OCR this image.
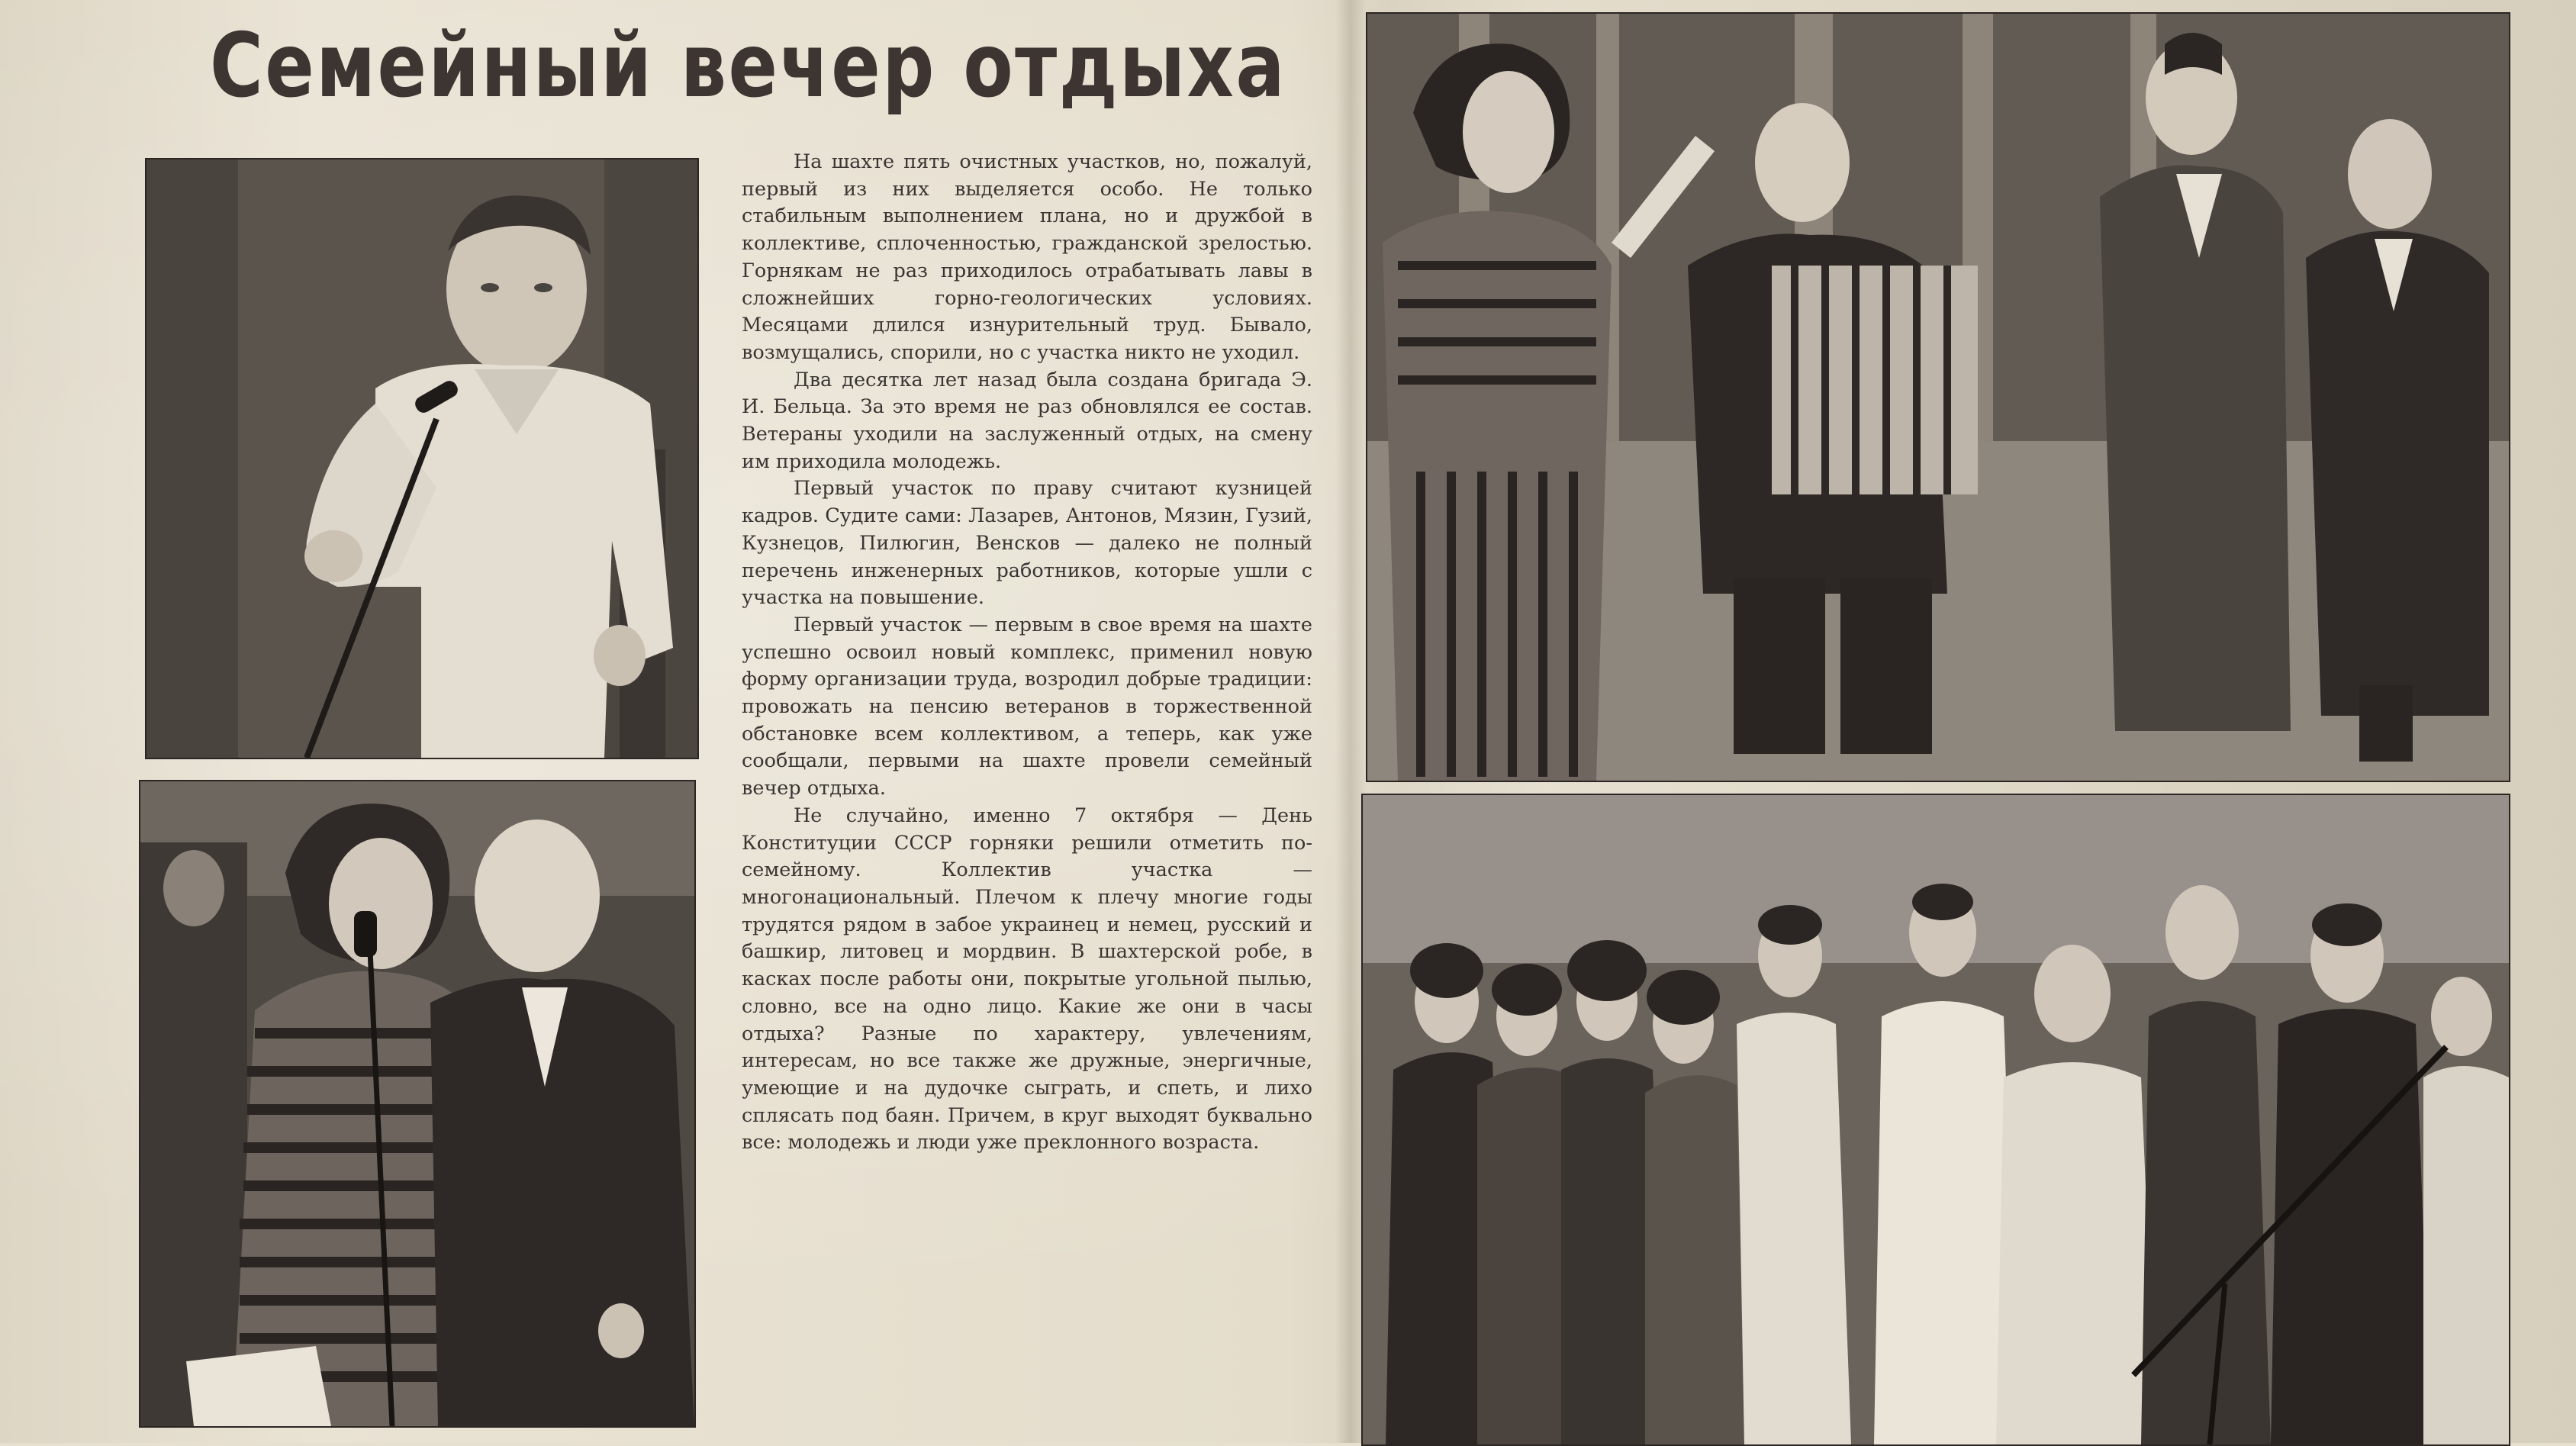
Семейный вечер отдыха

На шахте пять очистных участков, но, пожалуй, первый из них выделяется особо. Не только стабильным выполнением плана, но и дружбой в коллективе, сплоченностью, гражданской зрелостью. Горнякам не раз приходилось отрабатывать лавы в сложнейших горно-геологических условиях. Месяцами длился изнурительный труд. Бывало, возмущались, спорили, но с участка никто не уходил.

Два десятка лет назад была создана бригада Э. И. Бельца. За это время не раз обновлялся ее состав. Ветераны уходили на заслуженный отдых, на смену им приходила молодежь.

Первый участок по праву считают кузницей кадров. Судите сами: Лазарев, Антонов, Мязин, Гузий, Кузнецов, Пилюгин, Венсков — далеко не полный перечень инженерных работников, которые ушли с участка на повышение.

Первый участок — первым в свое время на шахте успешно освоил новый комплекс, применил новую форму организации труда, возродил добрые традиции: провожать на пенсию ветеранов в торжественной обстановке всем коллективом, а теперь, как уже сообщали, первыми на шахте провели семейный вечер отдыха.

Не случайно, именно 7 октября — День Конституции СССР горняки решили отметить по-семейному. Коллектив участка — многонациональный. Плечом к плечу многие годы трудятся рядом в забое украинец и немец, русский и башкир, литовец и мордвин. В шахтерской робе, в касках после работы они, покрытые угольной пылью, словно, все на одно лицо. Какие же они в часы отдыха? Разные по характеру, увлечениям, интересам, но все также же дружные, энергичные, умеющие и на дудочке сыграть, и спеть, и лихо сплясать под баян. Причем, в круг выходят буквально все: молодежь и люди уже преклонного возраста.
